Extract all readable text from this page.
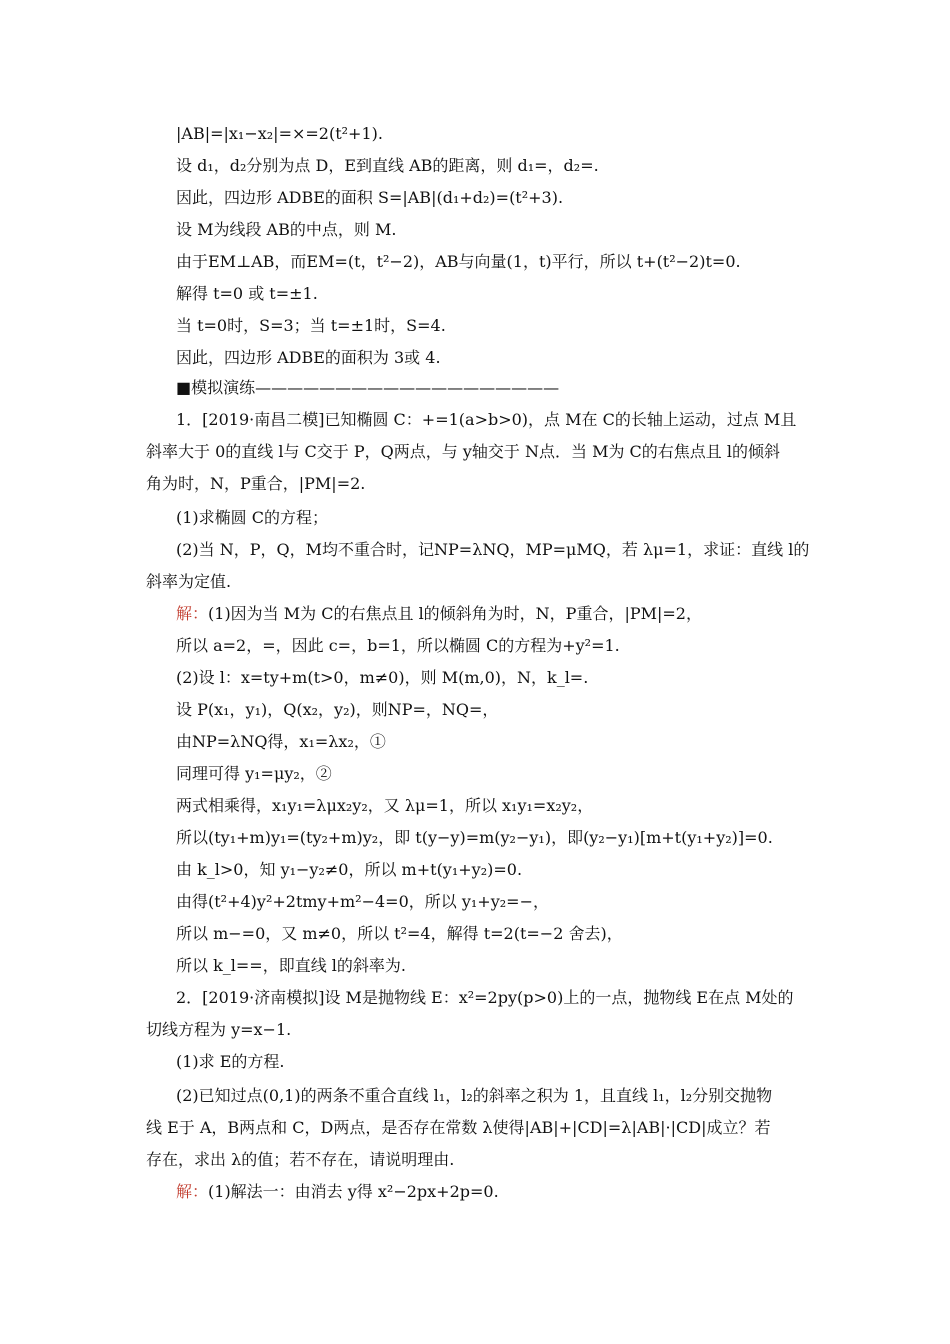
|AB|=|x₁−x₂|=×=2(t²+1).
设 d₁，d₂分别为点 D，E到直线 AB的距离，则 d₁=，d₂=.
因此，四边形 ADBE的面积 S=|AB|(d₁+d₂)=(t²+3).
设 M为线段 AB的中点，则 M.
由于EM⊥AB，而EM=(t，t²−2)，AB与向量(1，t)平行，所以 t+(t²−2)t=0.
解得 t=0 或 t=±1.
当 t=0时，S=3；当 t=±1时，S=4.
因此，四边形 ADBE的面积为 3或 4.
■模拟演练———————————————————
1．[2019·南昌二模]已知椭圆 C：+=1(a>b>0)，点 M在 C的长轴上运动，过点 M且
斜率大于 0的直线 l与 C交于 P，Q两点，与 y轴交于 N点．当 M为 C的右焦点且 l的倾斜
角为时，N，P重合，|PM|=2.
(1)求椭圆 C的方程；
(2)当 N，P，Q，M均不重合时，记NP=λNQ，MP=μMQ，若 λμ=1，求证：直线 l的
斜率为定值.
解：(1)因为当 M为 C的右焦点且 l的倾斜角为时，N，P重合，|PM|=2，
所以 a=2，=，因此 c=，b=1，所以椭圆 C的方程为+y²=1.
(2)设 l：x=ty+m(t>0，m≠0)，则 M(m,0)，N，k_l=.
设 P(x₁，y₁)，Q(x₂，y₂)，则NP=，NQ=，
由NP=λNQ得，x₁=λx₂，①
同理可得 y₁=μy₂，②
两式相乘得，x₁y₁=λμx₂y₂，又 λμ=1，所以 x₁y₁=x₂y₂，
所以(ty₁+m)y₁=(ty₂+m)y₂，即 t(y−y)=m(y₂−y₁)，即(y₂−y₁)[m+t(y₁+y₂)]=0.
由 k_l>0，知 y₁−y₂≠0，所以 m+t(y₁+y₂)=0.
由得(t²+4)y²+2tmy+m²−4=0，所以 y₁+y₂=−，
所以 m−=0，又 m≠0，所以 t²=4，解得 t=2(t=−2 舍去)，
所以 k_l==，即直线 l的斜率为.
2．[2019·济南模拟]设 M是抛物线 E：x²=2py(p>0)上的一点，抛物线 E在点 M处的
切线方程为 y=x−1.
(1)求 E的方程.
(2)已知过点(0,1)的两条不重合直线 l₁，l₂的斜率之积为 1，且直线 l₁，l₂分别交抛物
线 E于 A，B两点和 C，D两点，是否存在常数 λ使得|AB|+|CD|=λ|AB|·|CD|成立？若
存在，求出 λ的值；若不存在，请说明理由.
解：(1)解法一：由消去 y得 x²−2px+2p=0.
